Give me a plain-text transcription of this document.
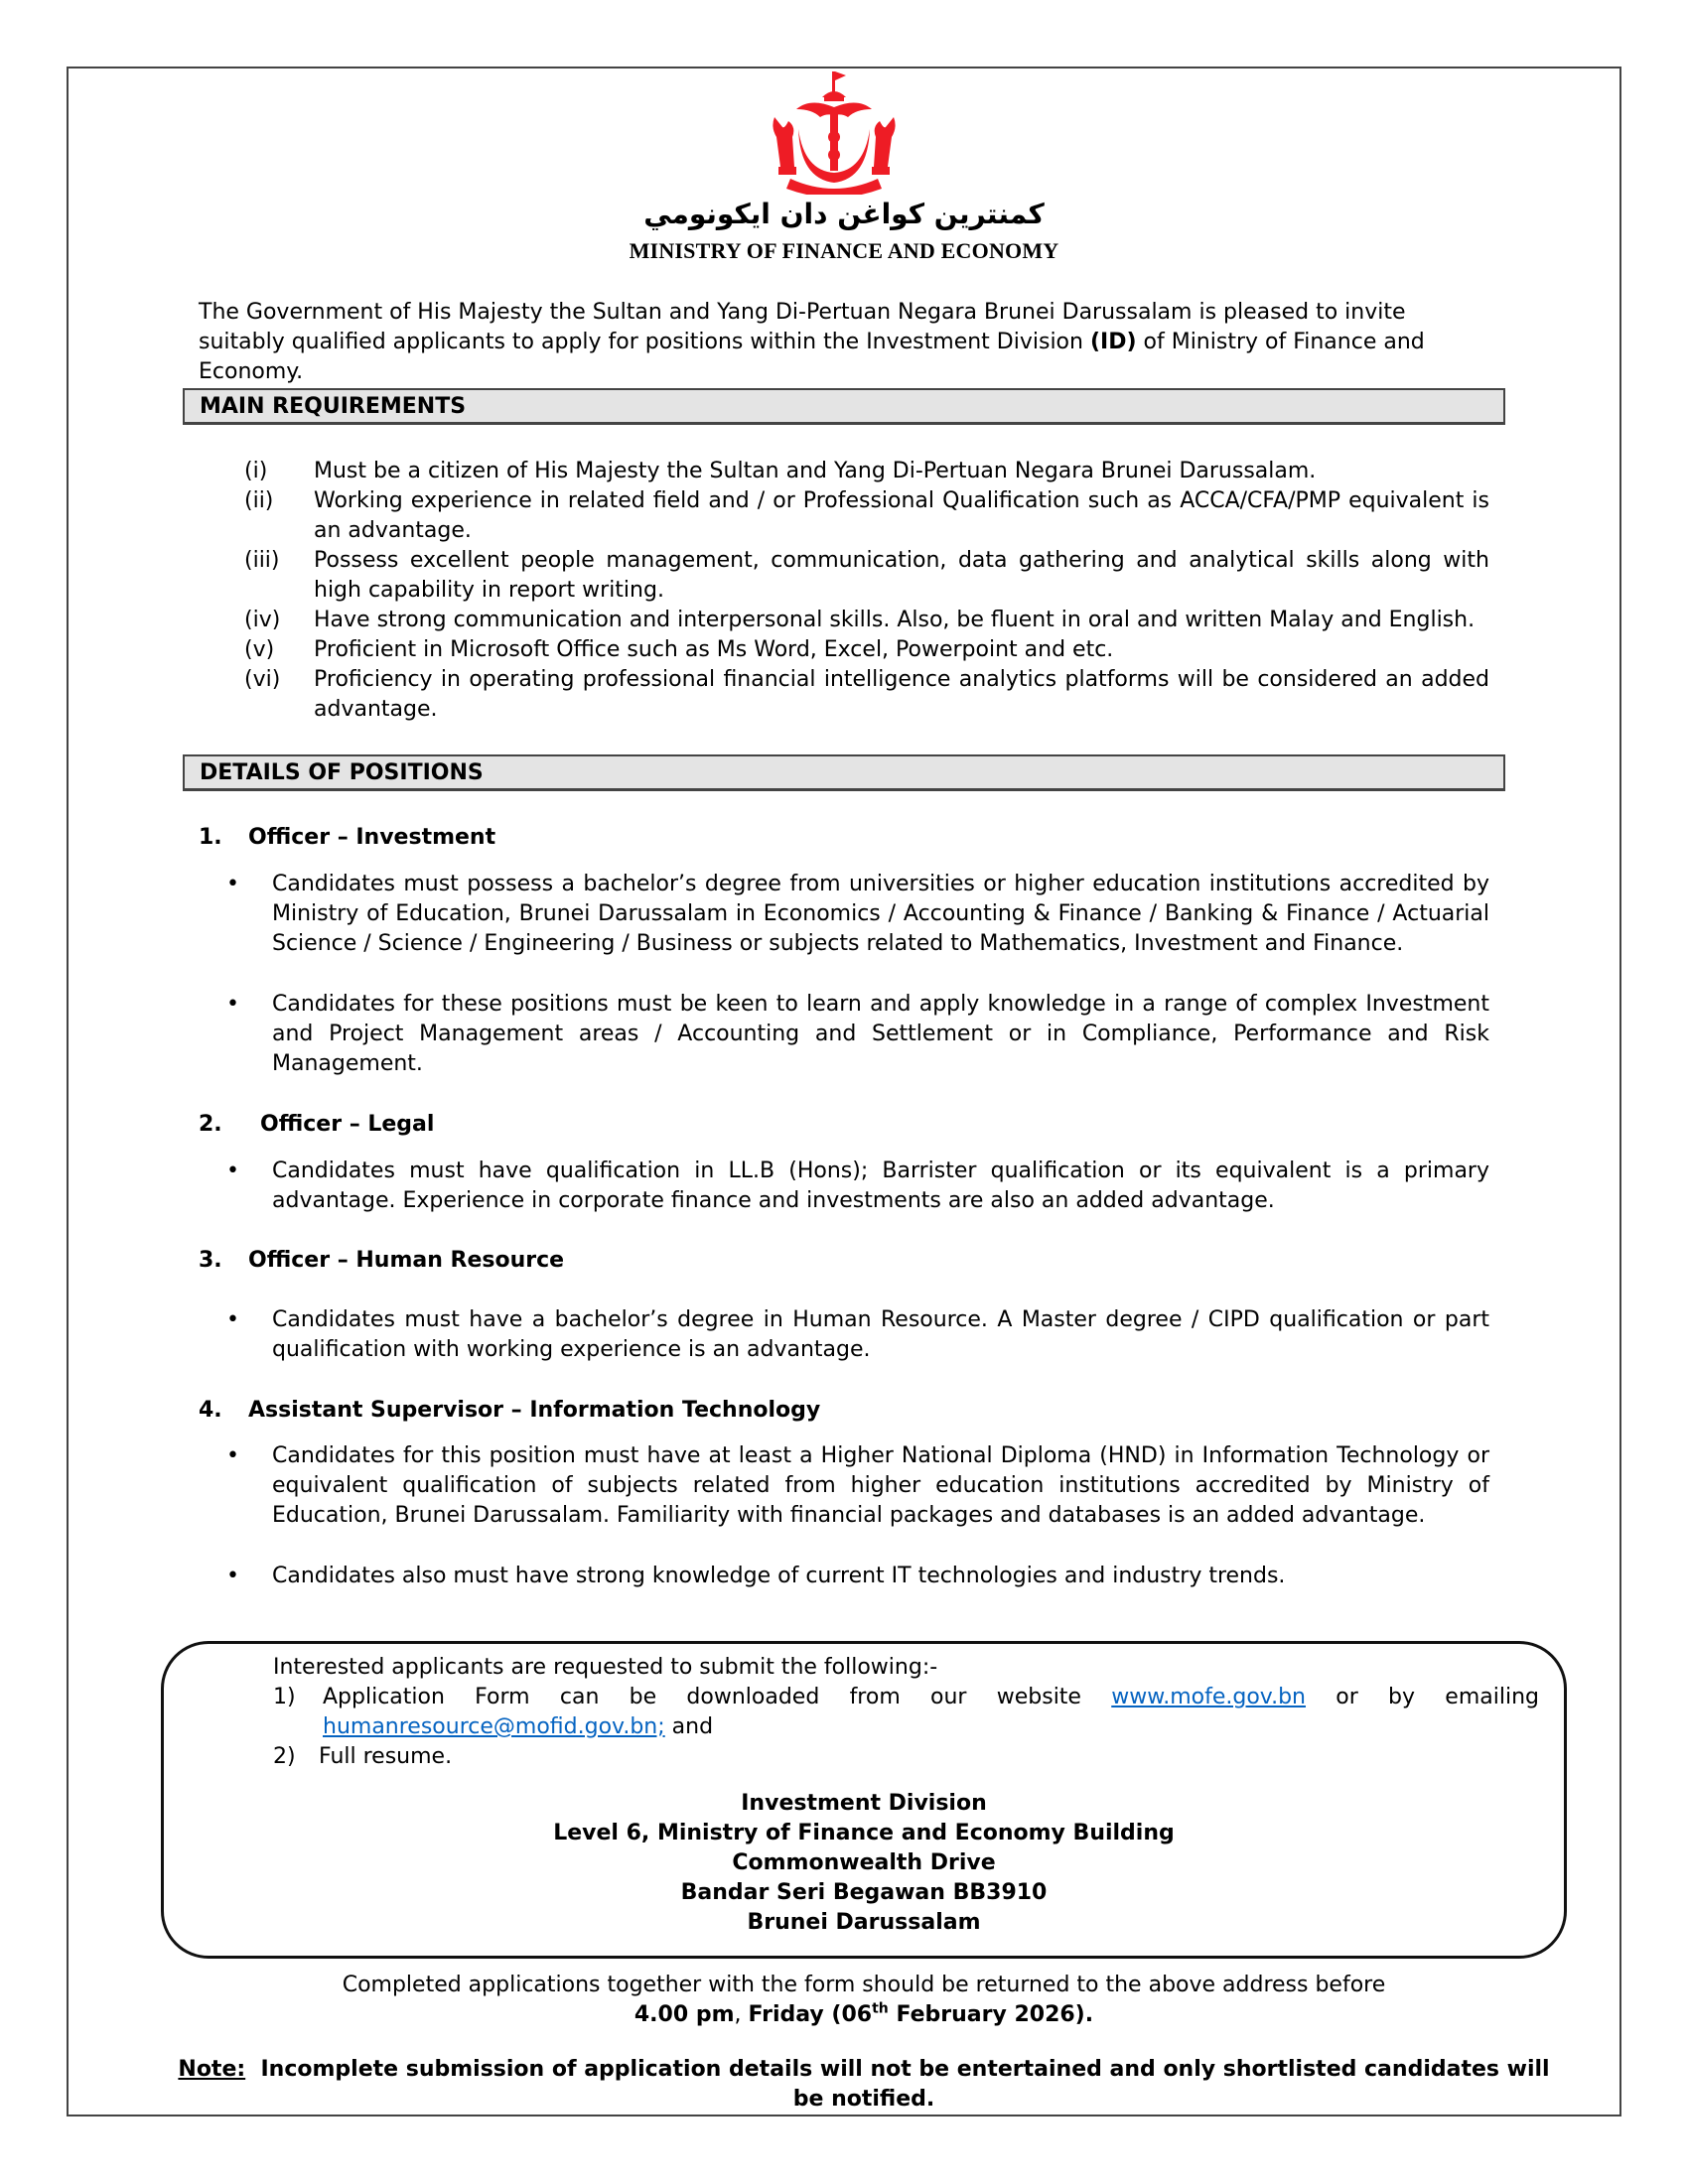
كمنترين كواغن دان ايكونومي
MINISTRY OF FINANCE AND ECONOMY
The Government of His Majesty the Sultan and Yang Di-Pertuan Negara Brunei Darussalam is pleased to invite suitably qualified applicants to apply for positions within the Investment Division (ID) of Ministry of Finance and Economy.
MAIN REQUIREMENTS
(i)	Must be a citizen of His Majesty the Sultan and Yang Di-Pertuan Negara Brunei Darussalam.
(ii)	Working experience in related field and / or Professional Qualification such as ACCA/CFA/PMP equivalent is an advantage.
(iii)	Possess excellent people management, communication, data gathering and analytical skills along with high capability in report writing.
(iv)	Have strong communication and interpersonal skills. Also, be fluent in oral and written Malay and English.
(v)	Proficient in Microsoft Office such as Ms Word, Excel, Powerpoint and etc.
(vi)	Proficiency in operating professional financial intelligence analytics platforms will be considered an added advantage.
DETAILS OF POSITIONS
1. Officer – Investment
•	Candidates must possess a bachelor’s degree from universities or higher education institutions accredited by Ministry of Education, Brunei Darussalam in Economics / Accounting & Finance / Banking & Finance / Actuarial Science / Science / Engineering / Business or subjects related to Mathematics, Investment and Finance.
•	Candidates for these positions must be keen to learn and apply knowledge in a range of complex Investment and Project Management areas / Accounting and Settlement or in Compliance, Performance and Risk Management.
2. Officer – Legal
•	Candidates must have qualification in LL.B (Hons); Barrister qualification or its equivalent is a primary advantage. Experience in corporate finance and investments are also an added advantage.
3. Officer – Human Resource
•	Candidates must have a bachelor’s degree in Human Resource. A Master degree / CIPD qualification or part qualification with working experience is an advantage.
4. Assistant Supervisor – Information Technology
•	Candidates for this position must have at least a Higher National Diploma (HND) in Information Technology or equivalent qualification of subjects related from higher education institutions accredited by Ministry of Education, Brunei Darussalam. Familiarity with financial packages and databases is an added advantage.
•	Candidates also must have strong knowledge of current IT technologies and industry trends.
Interested applicants are requested to submit the following:-
1)	Application Form can be downloaded from our website www.mofe.gov.bn or by emailing
humanresource@mofid.gov.bn; and
2)	Full resume.
Investment Division
Level 6, Ministry of Finance and Economy Building
Commonwealth Drive
Bandar Seri Begawan BB3910
Brunei Darussalam
Completed applications together with the form should be returned to the above address before
4.00 pm, Friday (06th February 2026).
Note:  Incomplete submission of application details will not be entertained and only shortlisted candidates will be notified.
